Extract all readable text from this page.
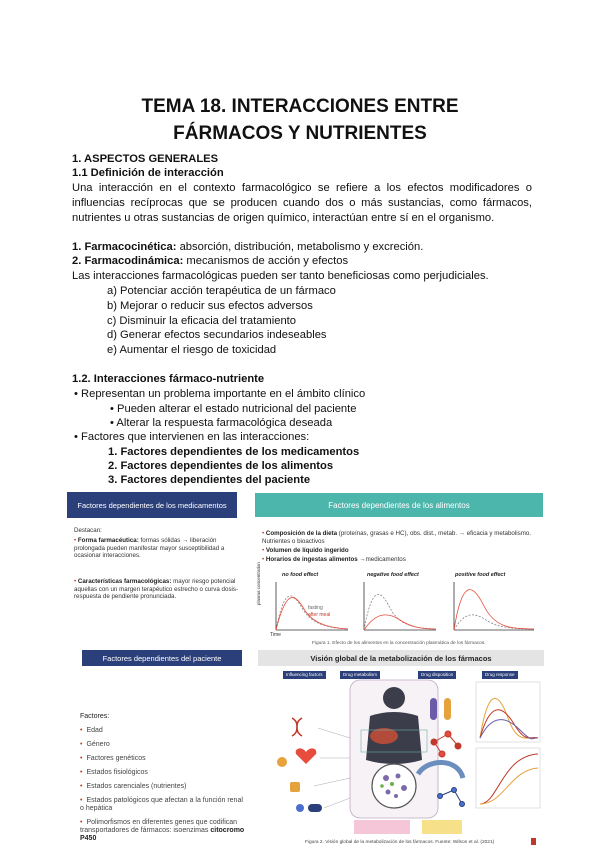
TEMA 18. INTERACCIONES ENTRE
FÁRMACOS Y NUTRIENTES
1. ASPECTOS GENERALES
1.1 Definición de interacción
Una interacción en el contexto farmacológico se refiere a los efectos modificadores o influencias recíprocas que se producen cuando dos o más sustancias, como fármacos, nutrientes u otras sustancias de origen químico, interactúan entre sí en el organismo.
1. Farmacocinética: absorción, distribución, metabolismo y excreción.
2. Farmacodinámica: mecanismos de acción y efectos
Las interacciones farmacológicas pueden ser tanto beneficiosas como perjudiciales.
a) Potenciar acción terapéutica de un fármaco
b) Mejorar o reducir sus efectos adversos
c) Disminuir la eficacia del tratamiento
d) Generar efectos secundarios indeseables
e) Aumentar el riesgo de toxicidad
1.2. Interacciones fármaco-nutriente
• Representan un problema importante en el ámbito clínico
• Pueden alterar el estado nutricional del paciente
• Alterar la respuesta farmacológica deseada
• Factores que intervienen en las interacciones:
1. Factores dependientes de los medicamentos
2. Factores dependientes de los alimentos
3. Factores dependientes del paciente
Factores dependientes de los medicamentos	Factores dependientes de los alimentos
Destacan:
• Forma farmacéutica: formas sólidas → liberación prolongada pueden manifestar mayor susceptibilidad a ocasionar interacciones.
• Características farmacológicas: mayor riesgo potencial aquellas con un margen terapéutico estrecho o curva dosis-respuesta de pendiente pronunciada.
• Composición de la dieta (proteínas, grasas e HC), obs. dist., metab. → eficacia y metabolismo. Nutrientes o bioactivos
• Volumen de líquido ingerido
• Horarios de ingestas alimentos →medicamentos
no food effect	negative food effect	positive food effect
fasting
after meal
Time
plasma concentration
Figura 1. Efecto de los alimentos en la concentración plasmática de los fármacos.
Factores dependientes del paciente
Factores:
• Edad
• Género
• Factores genéticos
• Estados fisiológicos
• Estados carenciales (nutrientes)
• Estados patológicos que afectan a la función renal o hepática
• Polimorfismos en diferentes genes que codifican transportadores de fármacos: isoenzimas citocromo P450
Visión global de la metabolización de los fármacos
Influencing factors	Drug metabolism	Drug disposition	Drug response
Figura 2. Visión global de la metabolización de los fármacos. Fuente: Wilson et al. (2021)
